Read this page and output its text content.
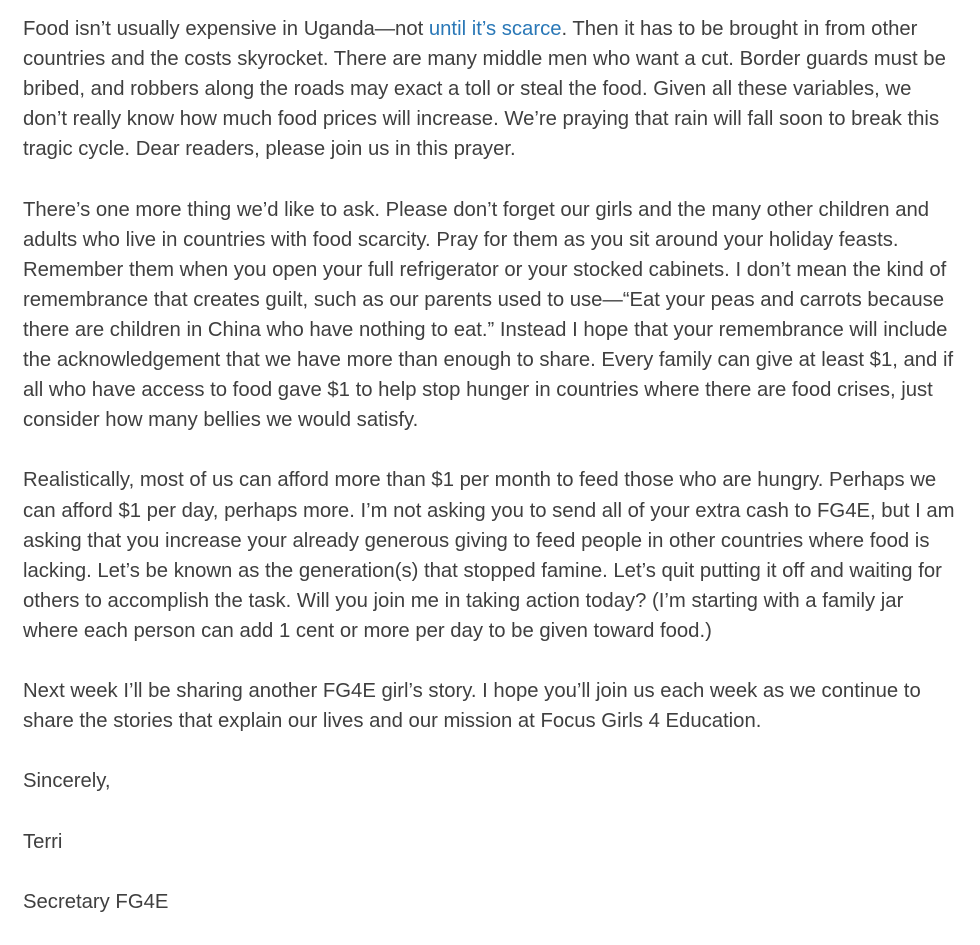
Food isn’t usually expensive in Uganda—not until it’s scarce. Then it has to be brought in from other countries and the costs skyrocket. There are many middle men who want a cut. Border guards must be bribed, and robbers along the roads may exact a toll or steal the food. Given all these variables, we don’t really know how much food prices will increase. We’re praying that rain will fall soon to break this tragic cycle. Dear readers, please join us in this prayer.

There’s one more thing we’d like to ask. Please don’t forget our girls and the many other children and adults who live in countries with food scarcity. Pray for them as you sit around your holiday feasts. Remember them when you open your full refrigerator or your stocked cabinets. I don’t mean the kind of remembrance that creates guilt, such as our parents used to use—“Eat your peas and carrots because there are children in China who have nothing to eat.” Instead I hope that your remembrance will include the acknowledgement that we have more than enough to share. Every family can give at least $1, and if all who have access to food gave $1 to help stop hunger in countries where there are food crises, just consider how many bellies we would satisfy.

Realistically, most of us can afford more than $1 per month to feed those who are hungry. Perhaps we can afford $1 per day, perhaps more. I’m not asking you to send all of your extra cash to FG4E, but I am asking that you increase your already generous giving to feed people in other countries where food is lacking. Let’s be known as the generation(s) that stopped famine. Let’s quit putting it off and waiting for others to accomplish the task. Will you join me in taking action today? (I’m starting with a family jar where each person can add 1 cent or more per day to be given toward food.)

Next week I’ll be sharing another FG4E girl’s story. I hope you’ll join us each week as we continue to share the stories that explain our lives and our mission at Focus Girls 4 Education.

Sincerely,

Terri

Secretary FG4E
